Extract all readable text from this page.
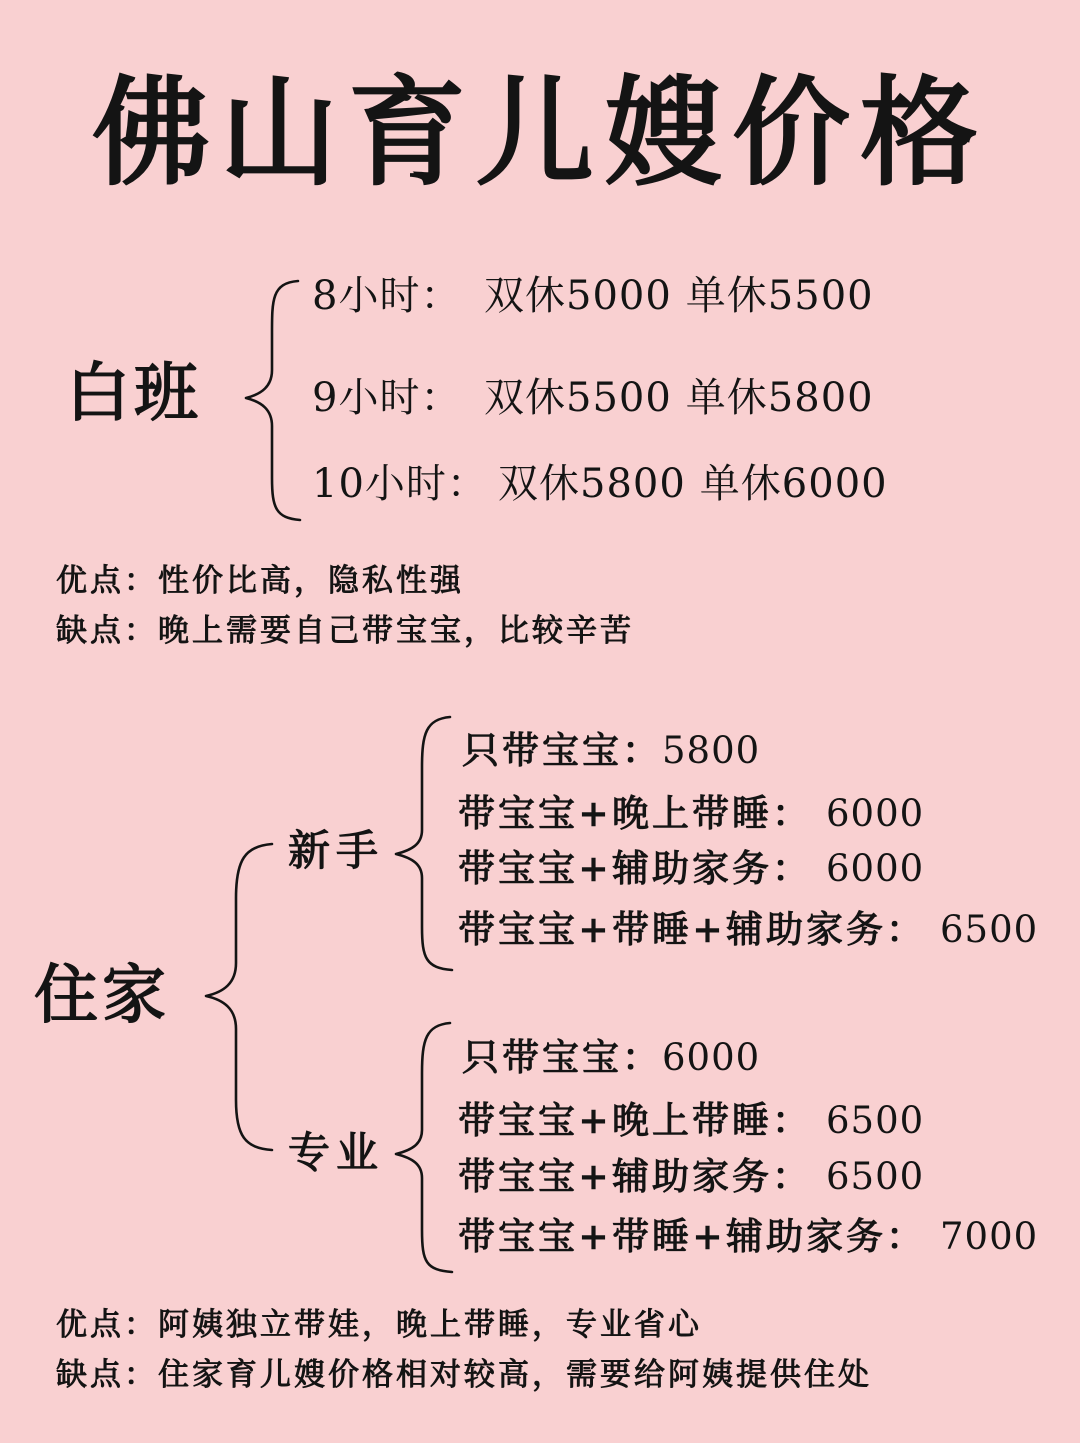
佛山育儿嫂价格
白班
8小时： 双休5000 单休5500
9小时： 双休5500 单休5800
10小时： 双休5800 单休6000
优点：性价比高，隐私性强
缺点：晚上需要自己带宝宝，比较辛苦
住家
新手
只带宝宝：5800
带宝宝+晚上带睡： 6000
带宝宝+辅助家务： 6000
带宝宝+带睡+辅助家务： 6500
专业
只带宝宝：6000
带宝宝+晚上带睡： 6500
带宝宝+辅助家务： 6500
带宝宝+带睡+辅助家务： 7000
优点：阿姨独立带娃，晚上带睡，专业省心
缺点：住家育儿嫂价格相对较高，需要给阿姨提供住处
